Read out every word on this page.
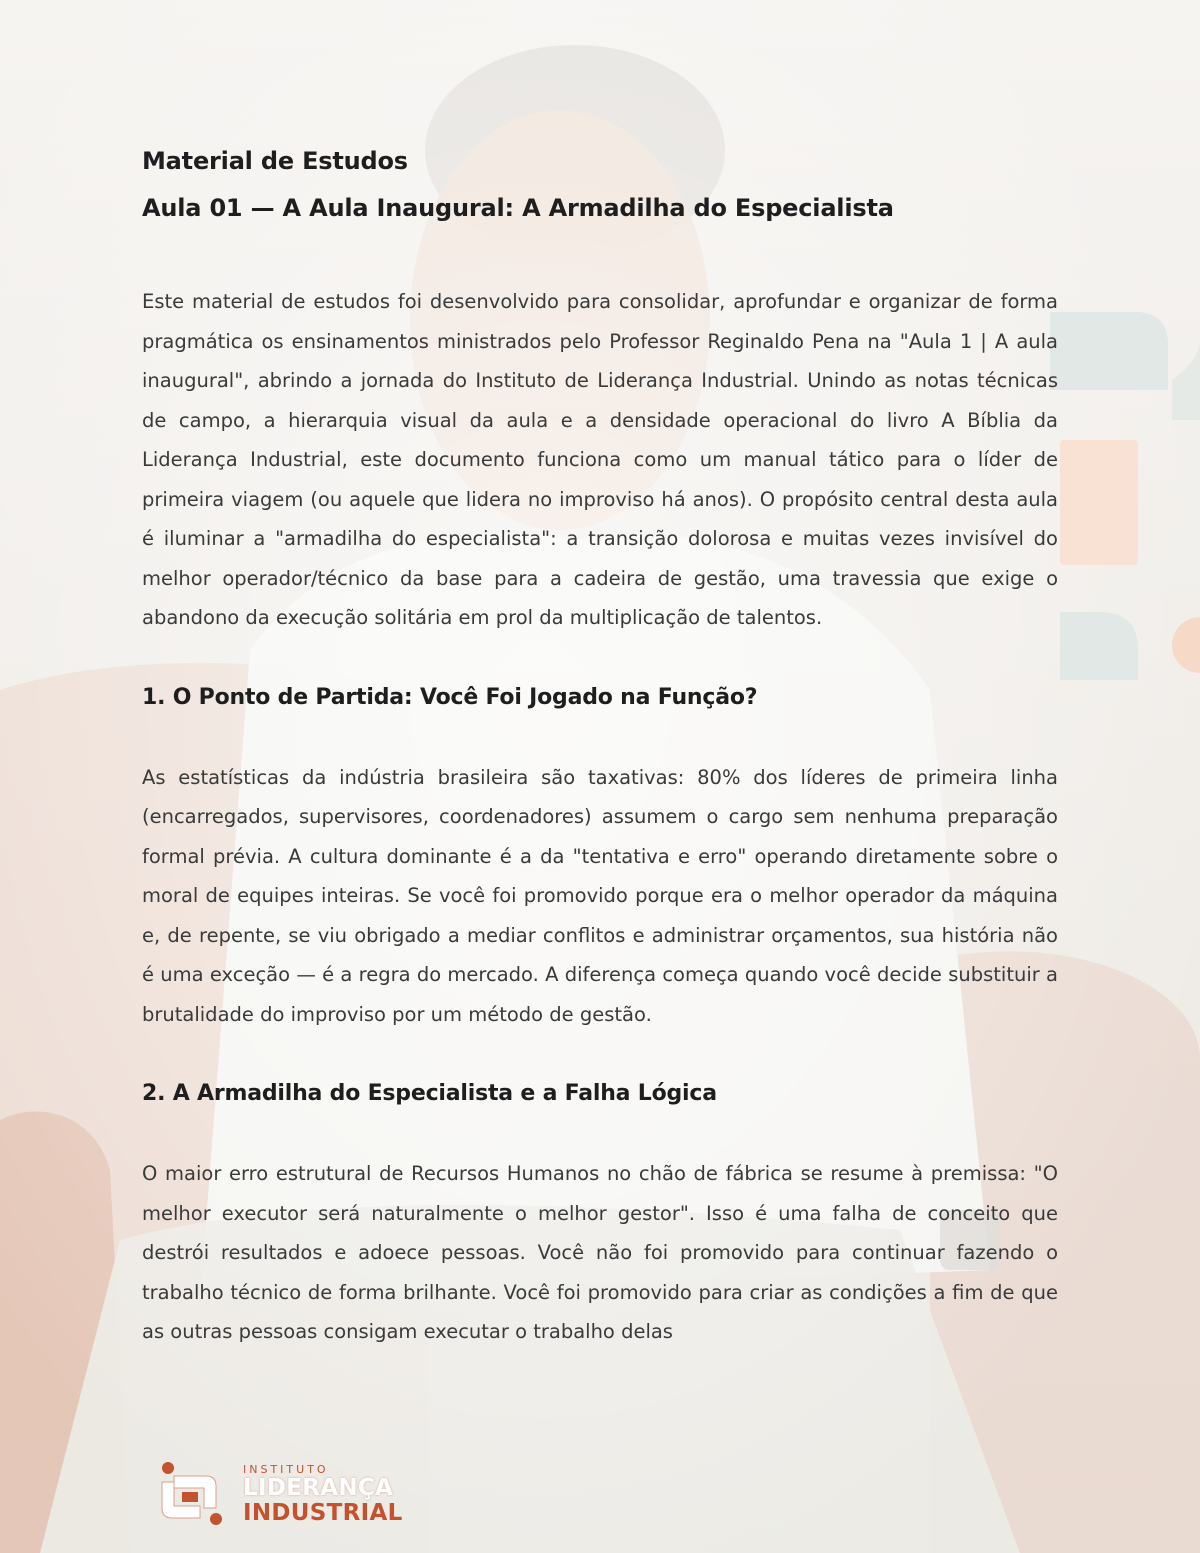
Material de Estudos
Aula 01 — A Aula Inaugural: A Armadilha do Especialista

Este material de estudos foi desenvolvido para consolidar, aprofundar e organizar de forma pragmática os ensinamentos ministrados pelo Professor Reginaldo Pena na "Aula 1 | A aula inaugural", abrindo a jornada do Instituto de Liderança Industrial. Unindo as notas técnicas de campo, a hierarquia visual da aula e a densidade operacional do livro A Bíblia da Liderança Industrial, este documento funciona como um manual tático para o líder de primeira viagem (ou aquele que lidera no improviso há anos). O propósito central desta aula é iluminar a "armadilha do especialista": a transição dolorosa e muitas vezes invisível do melhor operador/técnico da base para a cadeira de gestão, uma travessia que exige o abandono da execução solitária em prol da multiplicação de talentos.

1. O Ponto de Partida: Você Foi Jogado na Função?

As estatísticas da indústria brasileira são taxativas: 80% dos líderes de primeira linha (encarregados, supervisores, coordenadores) assumem o cargo sem nenhuma preparação formal prévia. A cultura dominante é a da "tentativa e erro" operando diretamente sobre o moral de equipes inteiras. Se você foi promovido porque era o melhor operador da máquina e, de repente, se viu obrigado a mediar conflitos e administrar orçamentos, sua história não é uma exceção — é a regra do mercado. A diferença começa quando você decide substituir a brutalidade do improviso por um método de gestão.

2. A Armadilha do Especialista e a Falha Lógica

O maior erro estrutural de Recursos Humanos no chão de fábrica se resume à premissa: "O melhor executor será naturalmente o melhor gestor". Isso é uma falha de conceito que destrói resultados e adoece pessoas. Você não foi promovido para continuar fazendo o trabalho técnico de forma brilhante. Você foi promovido para criar as condições a fim de que as outras pessoas consigam executar o trabalho delas

INSTITUTO
LIDERANÇA
INDUSTRIAL
